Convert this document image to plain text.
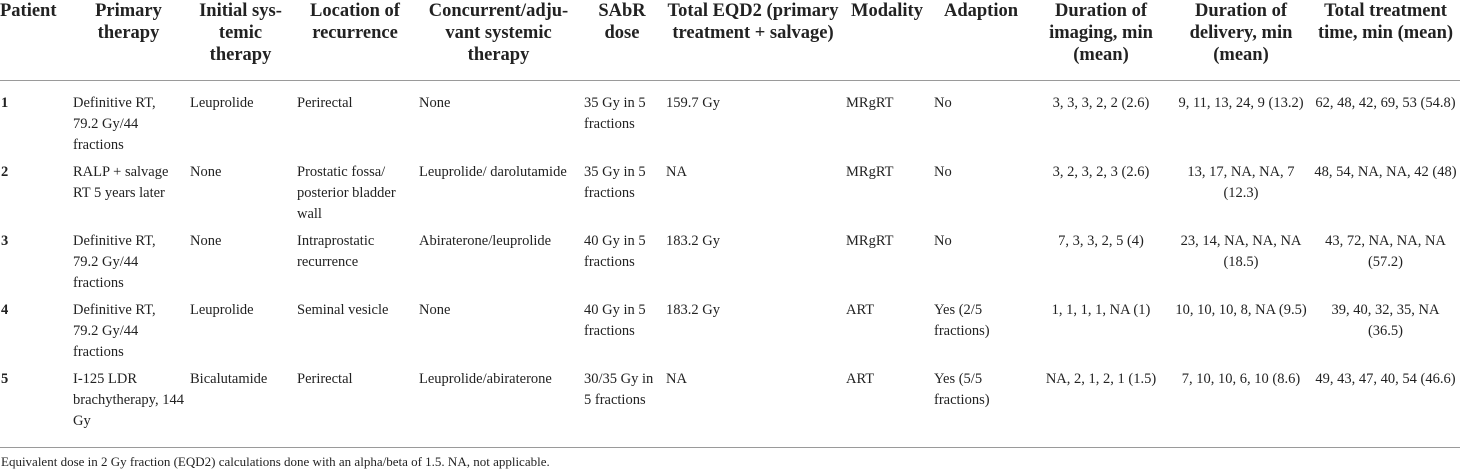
Patient	Primary therapy	Initial sys-temic therapy	Location of recurrence	Concurrent/adju-vant systemic therapy	SAbR dose	Total EQD2 (primary treatment + salvage)	Modality	Adaption	Duration of imaging, min (mean)	Duration of delivery, min (mean)	Total treatment time, min (mean)
1	Definitive RT, 79.2 Gy/44 fractions	Leuprolide	Perirectal	None	35 Gy in 5 fractions	159.7 Gy	MRgRT	No	3, 3, 3, 2, 2 (2.6)	9, 11, 13, 24, 9 (13.2)	62, 48, 42, 69, 53 (54.8)
2	RALP + salvage RT 5 years later	None	Prostatic fossa/ posterior bladder wall	Leuprolide/ darolutamide	35 Gy in 5 fractions	NA	MRgRT	No	3, 2, 3, 2, 3 (2.6)	13, 17, NA, NA, 7 (12.3)	48, 54, NA, NA, 42 (48)
3	Definitive RT, 79.2 Gy/44 fractions	None	Intraprostatic recurrence	Abiraterone/leuprolide	40 Gy in 5 fractions	183.2 Gy	MRgRT	No	7, 3, 3, 2, 5 (4)	23, 14, NA, NA, NA (18.5)	43, 72, NA, NA, NA (57.2)
4	Definitive RT, 79.2 Gy/44 fractions	Leuprolide	Seminal vesicle	None	40 Gy in 5 fractions	183.2 Gy	ART	Yes (2/5 fractions)	1, 1, 1, 1, NA (1)	10, 10, 10, 8, NA (9.5)	39, 40, 32, 35, NA (36.5)
5	I-125 LDR brachytherapy, 144 Gy	Bicalutamide	Perirectal	Leuprolide/abiraterone	30/35 Gy in 5 fractions	NA	ART	Yes (5/5 fractions)	NA, 2, 1, 2, 1 (1.5)	7, 10, 10, 6, 10 (8.6)	49, 43, 47, 40, 54 (46.6)
Equivalent dose in 2 Gy fraction (EQD2) calculations done with an alpha/beta of 1.5. NA, not applicable.
